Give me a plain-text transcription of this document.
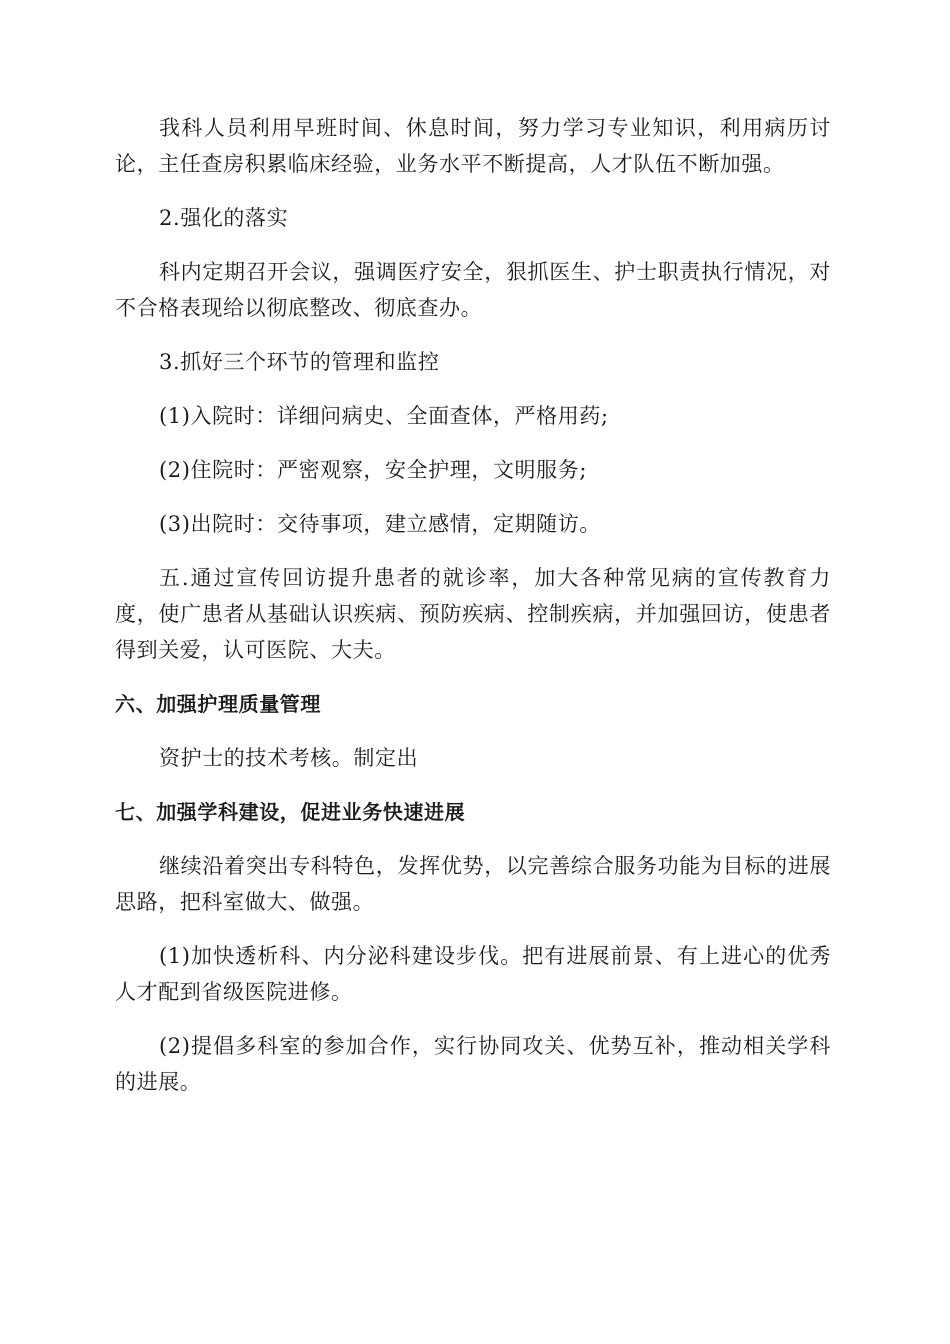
我科人员利用早班时间、休息时间，努力学习专业知识，利用病历讨论，主任查房积累临床经验，业务水平不断提高，人才队伍不断加强。

2.强化的落实

科内定期召开会议，强调医疗安全，狠抓医生、护士职责执行情况，对不合格表现给以彻底整改、彻底查办。

3.抓好三个环节的管理和监控

(1)入院时：详细问病史、全面查体，严格用药;

(2)住院时：严密观察，安全护理，文明服务;

(3)出院时：交待事项，建立感情，定期随访。

五.通过宣传回访提升患者的就诊率，加大各种常见病的宣传教育力度，使广患者从基础认识疾病、预防疾病、控制疾病，并加强回访，使患者得到关爱，认可医院、大夫。

六、加强护理质量管理

资护士的技术考核。制定出

七、加强学科建设，促进业务快速进展

继续沿着突出专科特色，发挥优势，以完善综合服务功能为目标的进展思路，把科室做大、做强。

(1)加快透析科、内分泌科建设步伐。把有进展前景、有上进心的优秀人才配到省级医院进修。

(2)提倡多科室的参加合作，实行协同攻关、优势互补，推动相关学科的进展。
